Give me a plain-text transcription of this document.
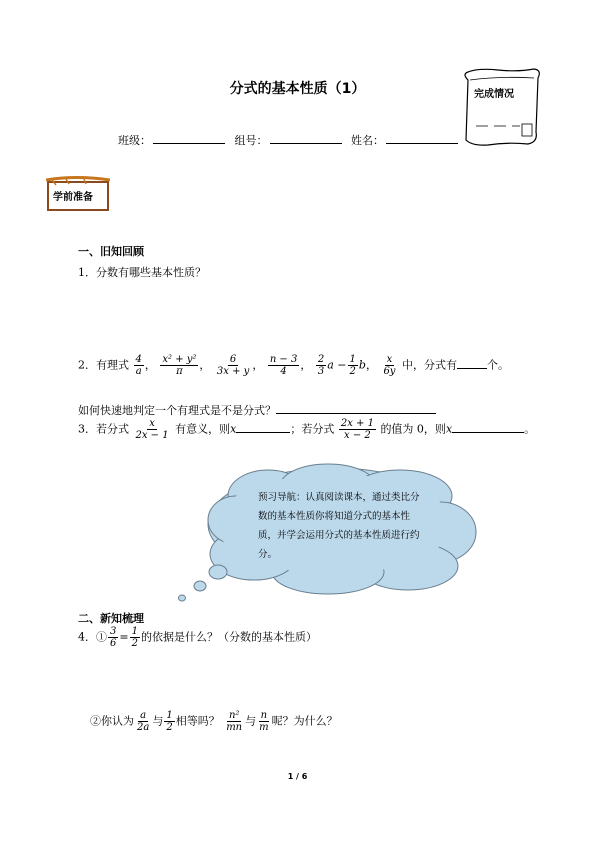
分式的基本性质（1）	完成情况
班级：	组号：	姓名：
学前准备
一、旧知回顾
1．分数有哪些基本性质？
2．有理式 $\frac{4}{a}$ ， $\frac{\text{x² + y²}}{\pi}$ ， $\frac{6}{3x + y}$ ， $\frac{n - 3}{4}$ ， $\frac{2}{3}$ $a - \frac{1}{2}$ b， $\frac{x}{6y}$ 中，分式有	个。
如何快速地判定一个有理式是不是分式？
3．若分式 $\frac{x}{2x - 1}$ 有意义，则x	；若分式 $\frac{2x + 1}{x - 2}$ 的值为 0，则x	。
预习导航：认真阅读课本，通过类比分数的基本性质你将知道分式的基本性质，并学会运用分式的基本性质进行约分。
二、新知梳理
4．① $\frac{3}{6} = \frac{1}{2}$ 的依据是什么？（分数的基本性质）
②你认为 $\frac{a}{2a}$ 与 $\frac{1}{2}$ 相等吗？ $\frac{\text{n²}}{mn}$ 与 $\frac{n}{m}$ 呢？为什么？
1 / 6
